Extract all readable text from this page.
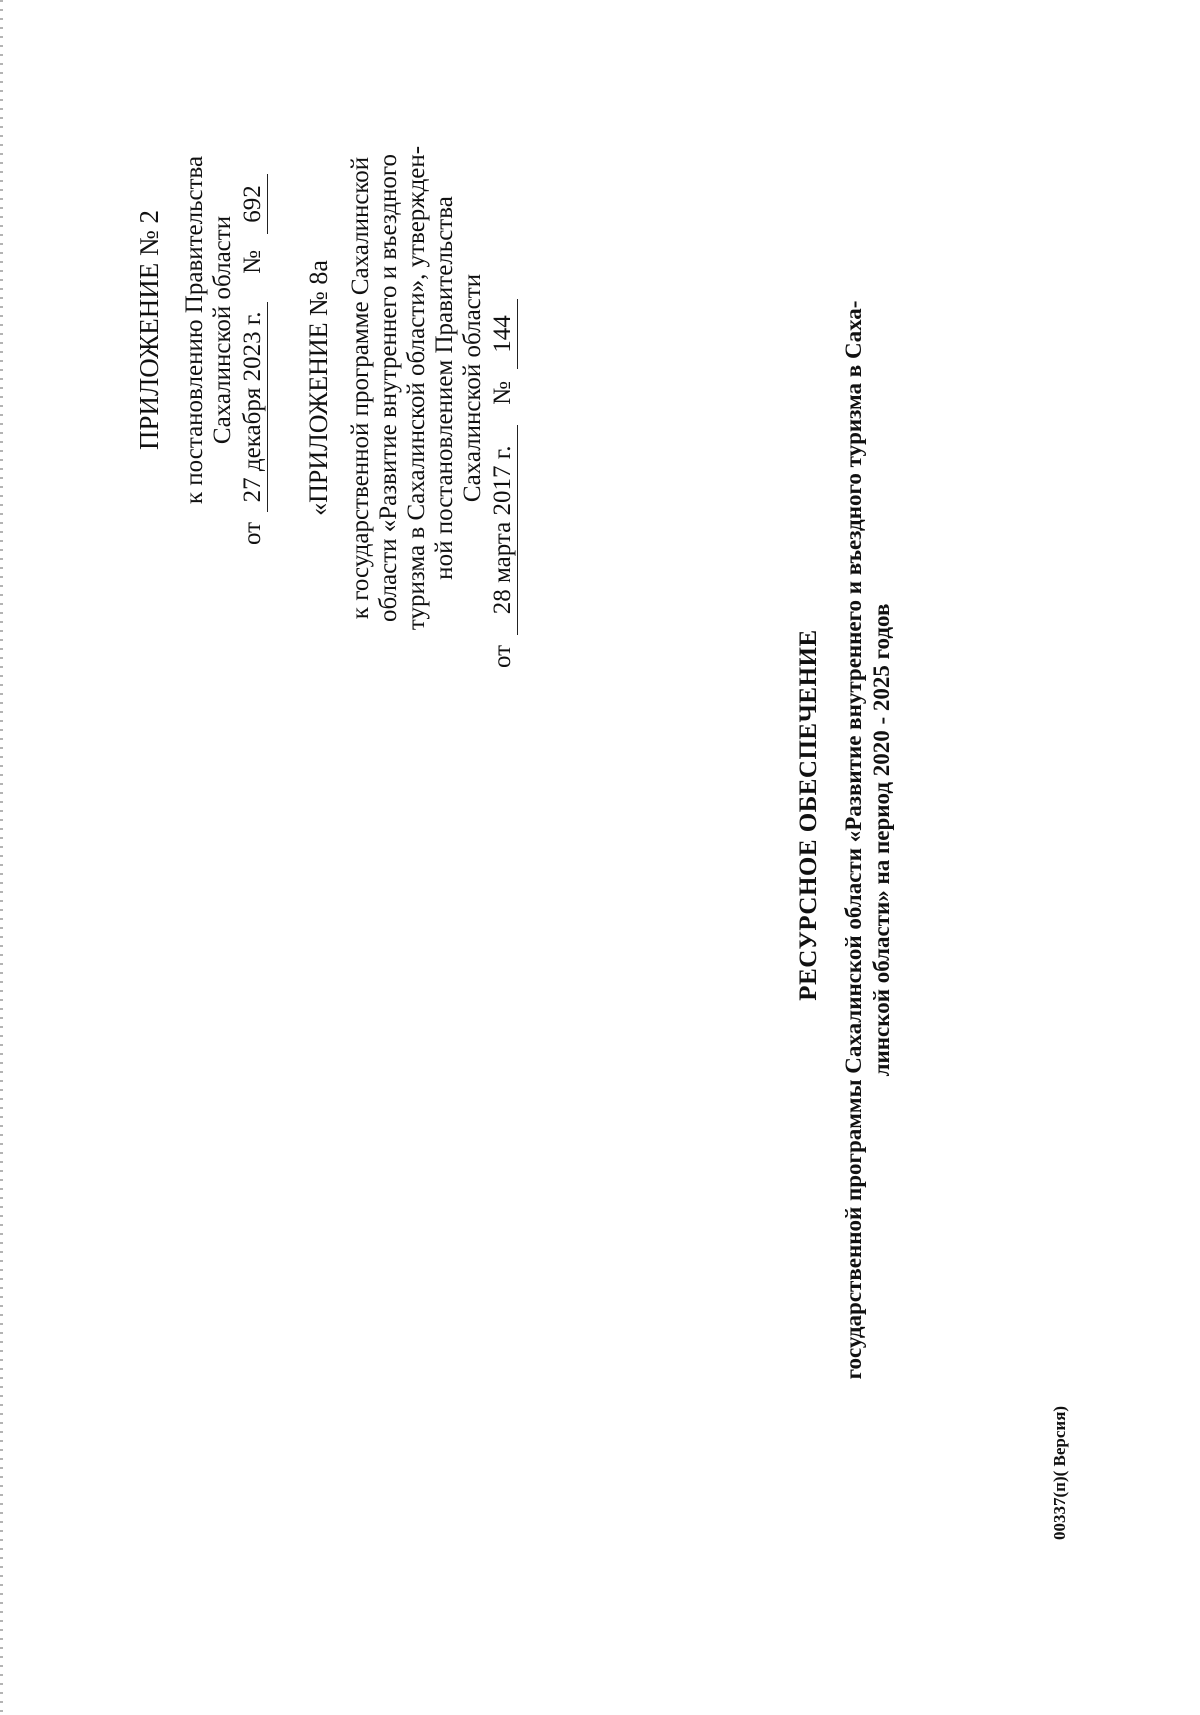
ПРИЛОЖЕНИЕ № 2 к постановлению Правительства Сахалинской области
от
27 декабря 2023 г.
№
692
«ПРИЛОЖЕНИЕ № 8а к государственной программе Сахалинской области «Развитие внутреннего и въездного туризма в Сахалинской области», утвержден- ной постановлением Правительства Сахалинской области
от
28 марта 2017 г.
№
144
РЕСУРСНОЕ ОБЕСПЕЧЕНИЕ государственной программы Сахалинской области «Развитие внутреннего и въездного туризма в Саха- линской области» на период 2020 - 2025 годов
00337(п)( Версия)
